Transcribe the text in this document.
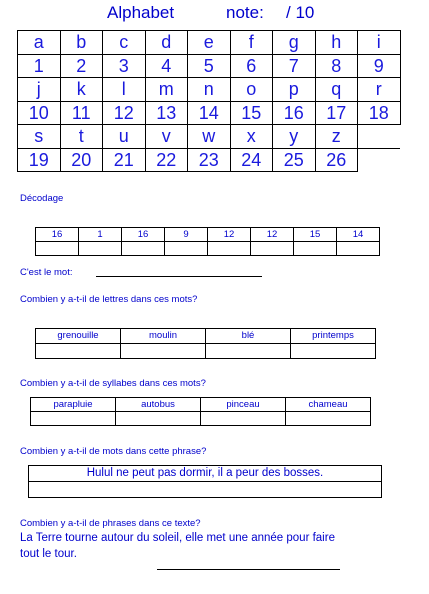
Alphabet	note: / 10
a	b	c	d	e	f	g	h	i
1	2	3	4	5	6	7	8	9
j	k	l	m	n	o	p	q	r
10	11	12	13	14	15	16	17	18
s	t	u	v	w	x	y	z	
19	20	21	22	23	24	25	26	
Décodage
16	1	16	9	12	12	15	14

C'est le mot:
Combien y a-t-il de lettres dans ces mots?
grenouille	moulin	blé	printemps

Combien y a-t-il de syllabes dans ces mots?
parapluie	autobus	pinceau	chameau

Combien y a-t-il de mots dans cette phrase?
Hulul ne peut pas dormir, il a peur des bosses.

Combien y a-t-il de phrases dans ce texte?
La Terre tourne autour du soleil, elle met une année pour faire
tout le tour.
